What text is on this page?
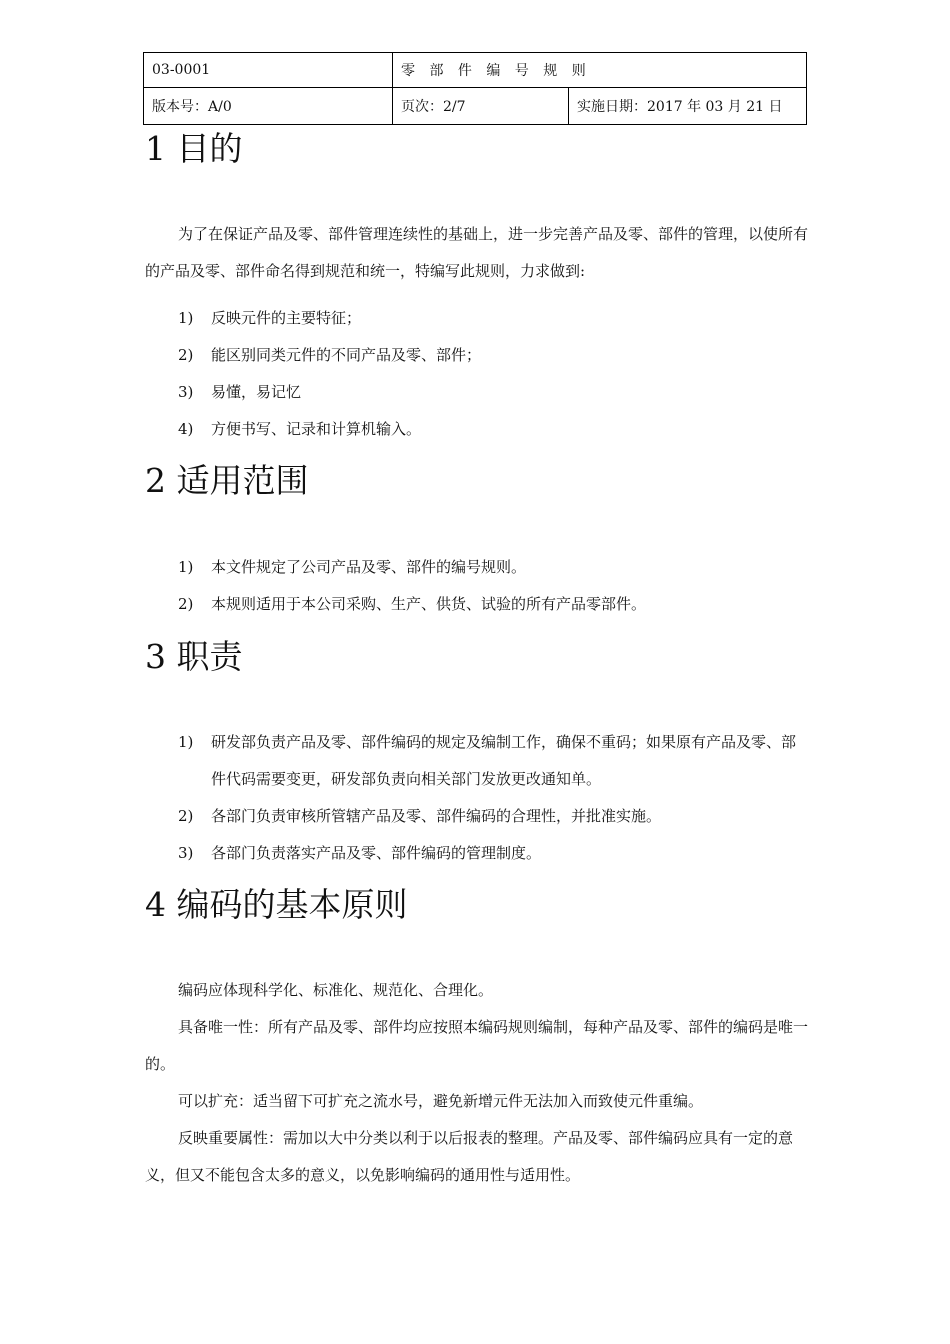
03-0001	零 部 件 编 号 规 则	
版本号：A/0	页次：2/7	实施日期：2017 年 03 月 21 日
1 目的

为了在保证产品及零、部件管理连续性的基础上，进一步完善产品及零、部件的管理，以使所有的产品及零、部件命名得到规范和统一，特编写此规则，力求做到:

1) 反映元件的主要特征；
2) 能区别同类元件的不同产品及零、部件；
3) 易懂，易记忆
4) 方便书写、记录和计算机输入。
2 适用范围
1) 本文件规定了公司产品及零、部件的编号规则。
2) 本规则适用于本公司采购、生产、供货、试验的所有产品零部件。
3 职责
1) 研发部负责产品及零、部件编码的规定及编制工作，确保不重码；如果原有产品及零、部件代码需要变更，研发部负责向相关部门发放更改通知单。
2) 各部门负责审核所管辖产品及零、部件编码的合理性，并批准实施。
3) 各部门负责落实产品及零、部件编码的管理制度。
4 编码的基本原则

编码应体现科学化、标准化、规范化、合理化。

具备唯一性：所有产品及零、部件均应按照本编码规则编制，每种产品及零、部件的编码是唯一的。

可以扩充：适当留下可扩充之流水号，避免新增元件无法加入而致使元件重编。

反映重要属性：需加以大中分类以利于以后报表的整理。产品及零、部件编码应具有一定的意义，但又不能包含太多的意义，以免影响编码的通用性与适用性。
